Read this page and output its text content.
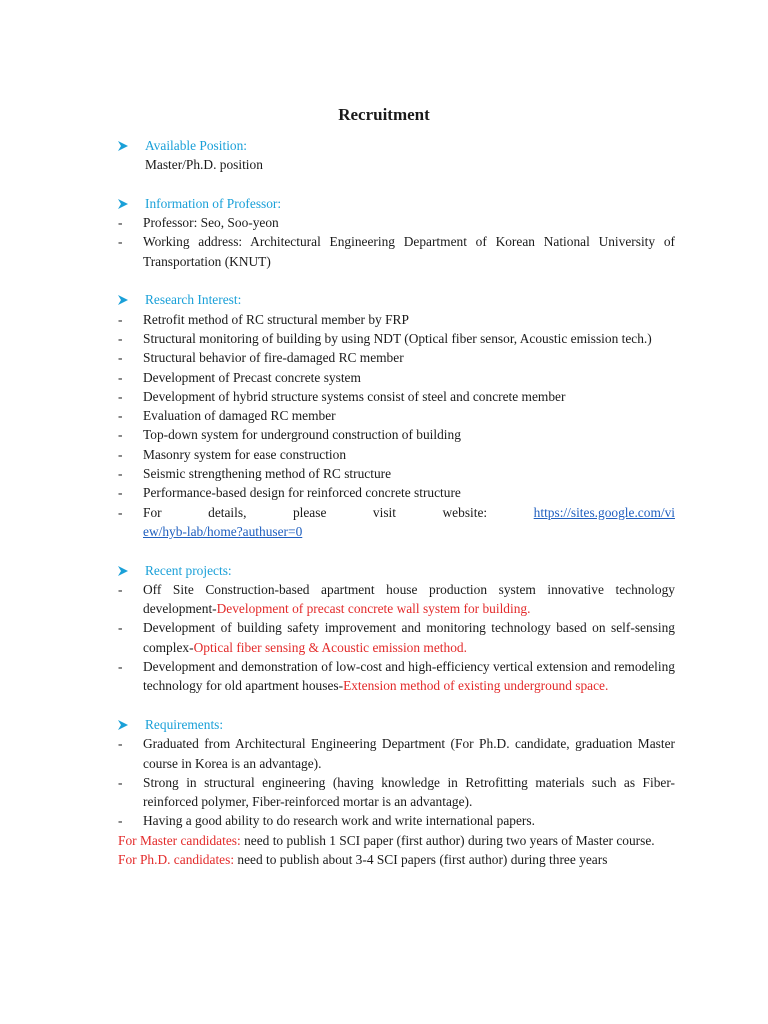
Recruitment
Available Position:
Master/Ph.D. position
Information of Professor:
- Professor: Seo, Soo-yeon
- Working address: Architectural Engineering Department of Korean National University of Transportation (KNUT)
Research Interest:
- Retrofit method of RC structural member by FRP
- Structural monitoring of building by using NDT (Optical fiber sensor, Acoustic emission tech.)
- Structural behavior of fire-damaged RC member
- Development of Precast concrete system
- Development of hybrid structure systems consist of steel and concrete member
- Evaluation of damaged RC member
- Top-down system for underground construction of building
- Masonry system for ease construction
- Seismic strengthening method of RC structure
- Performance-based design for reinforced concrete structure
- For details, please visit website: https://sites.google.com/view/hyb-lab/home?authuser=0
Recent projects:
- Off Site Construction-based apartment house production system innovative technology development-Development of precast concrete wall system for building.
- Development of building safety improvement and monitoring technology based on self-sensing complex-Optical fiber sensing & Acoustic emission method.
- Development and demonstration of low-cost and high-efficiency vertical extension and remodeling technology for old apartment houses-Extension method of existing underground space.
Requirements:
- Graduated from Architectural Engineering Department (For Ph.D. candidate, graduation Master course in Korea is an advantage).
- Strong in structural engineering (having knowledge in Retrofitting materials such as Fiber-reinforced polymer, Fiber-reinforced mortar is an advantage).
- Having a good ability to do research work and write international papers.
For Master candidates: need to publish 1 SCI paper (first author) during two years of Master course.
For Ph.D. candidates: need to publish about 3-4 SCI papers (first author) during three years
